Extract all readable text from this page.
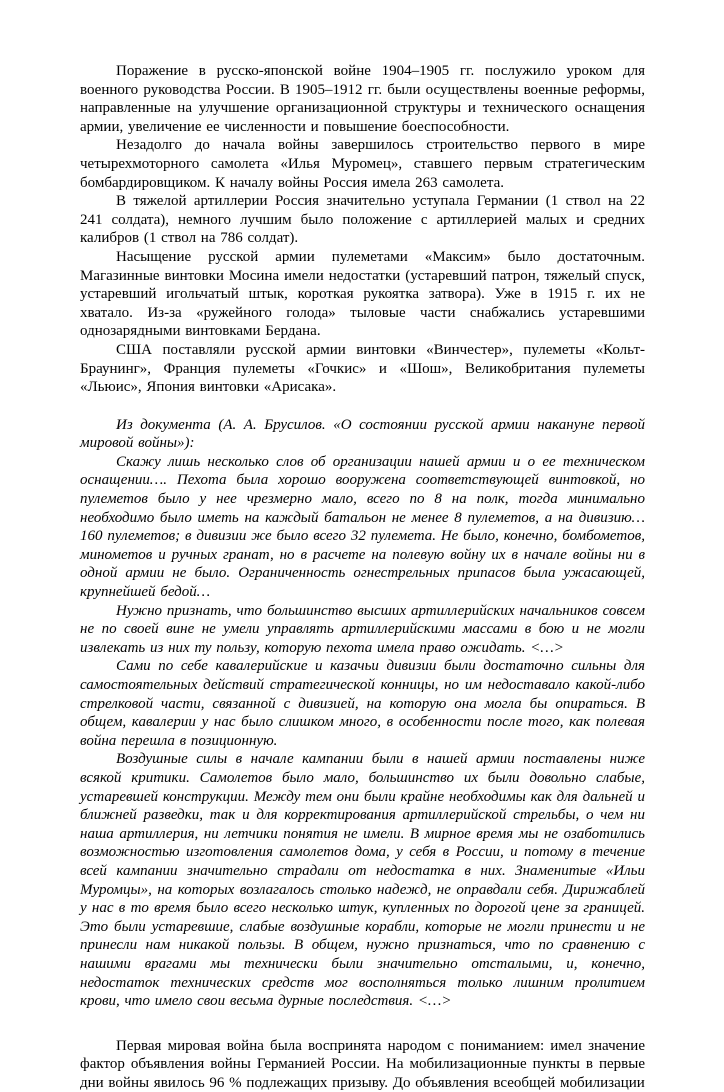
Поражение в русско-японской войне 1904–1905 гг. послужило уроком для военного руководства России. В 1905–1912 гг. были осуществлены военные реформы, направленные на улучшение организационной структуры и технического оснащения армии, увеличение ее численности и повышение боеспособности.

Незадолго до начала войны завершилось строительство первого в мире четырехмоторного самолета «Илья Муромец», ставшего первым стратегическим бомбардировщиком. К началу войны Россия имела 263 самолета.

В тяжелой артиллерии Россия значительно уступала Германии (1 ствол на 22 241 солдата), немного лучшим было положение с артиллерией малых и средних калибров (1 ствол на 786 солдат).

Насыщение русской армии пулеметами «Максим» было достаточным. Магазинные винтовки Мосина имели недостатки (устаревший патрон, тяжелый спуск, устаревший игольчатый штык, короткая рукоятка затвора). Уже в 1915 г. их не хватало. Из-за «ружейного голода» тыловые части снабжались устаревшими однозарядными винтовками Бердана.

США поставляли русской армии винтовки «Винчестер», пулеметы «Кольт-Браунинг», Франция пулеметы «Гочкис» и «Шош», Великобритания пулеметы «Льюис», Япония винтовки «Арисака».

Из документа (А. А. Брусилов. «О состоянии русской армии накануне первой мировой войны»):

Скажу лишь несколько слов об организации нашей армии и о ее техническом оснащении…. Пехота была хорошо вооружена соответствующей винтовкой, но пулеметов было у нее чрезмерно мало, всего по 8 на полк, тогда минимально необходимо было иметь на каждый батальон не менее 8 пулеметов, а на дивизию… 160 пулеметов; в дивизии же было всего 32 пулемета. Не было, конечно, бомбометов, минометов и ручных гранат, но в расчете на полевую войну их в начале войны ни в одной армии не было. Ограниченность огнестрельных припасов была ужасающей, крупнейшей бедой…

Нужно признать, что большинство высших артиллерийских начальников совсем не по своей вине не умели управлять артиллерийскими массами в бою и не могли извлекать из них ту пользу, которую пехота имела право ожидать. <…>

Сами по себе кавалерийские и казачьи дивизии были достаточно сильны для самостоятельных действий стратегической конницы, но им недоставало какой-либо стрелковой части, связанной с дивизией, на которую она могла бы опираться. В общем, кавалерии у нас было слишком много, в особенности после того, как полевая война перешла в позиционную.

Воздушные силы в начале кампании были в нашей армии поставлены ниже всякой критики. Самолетов было мало, большинство их были довольно слабые, устаревшей конструкции. Между тем они были крайне необходимы как для дальней и ближней разведки, так и для корректирования артиллерийской стрельбы, о чем ни наша артиллерия, ни летчики понятия не имели. В мирное время мы не озаботились возможностью изготовления самолетов дома, у себя в России, и потому в течение всей кампании значительно страдали от недостатка в них. Знаменитые «Ильи Муромцы», на которых возлагалось столько надежд, не оправдали себя. Дирижаблей у нас в то время было всего несколько штук, купленных по дорогой цене за границей. Это были устаревшие, слабые воздушные корабли, которые не могли принести и не принесли нам никакой пользы. В общем, нужно признаться, что по сравнению с нашими врагами мы технически были значительно отсталыми, и, конечно, недостаток технических средств мог восполняться только лишним пролитием крови, что имело свои весьма дурные последствия. <…>

Первая мировая война была воспринята народом с пониманием: имел значение фактор объявления войны Германией России. На мобилизационные пункты в первые дни войны явилось 96 % подлежащих призыву. До объявления всеобщей мобилизации
